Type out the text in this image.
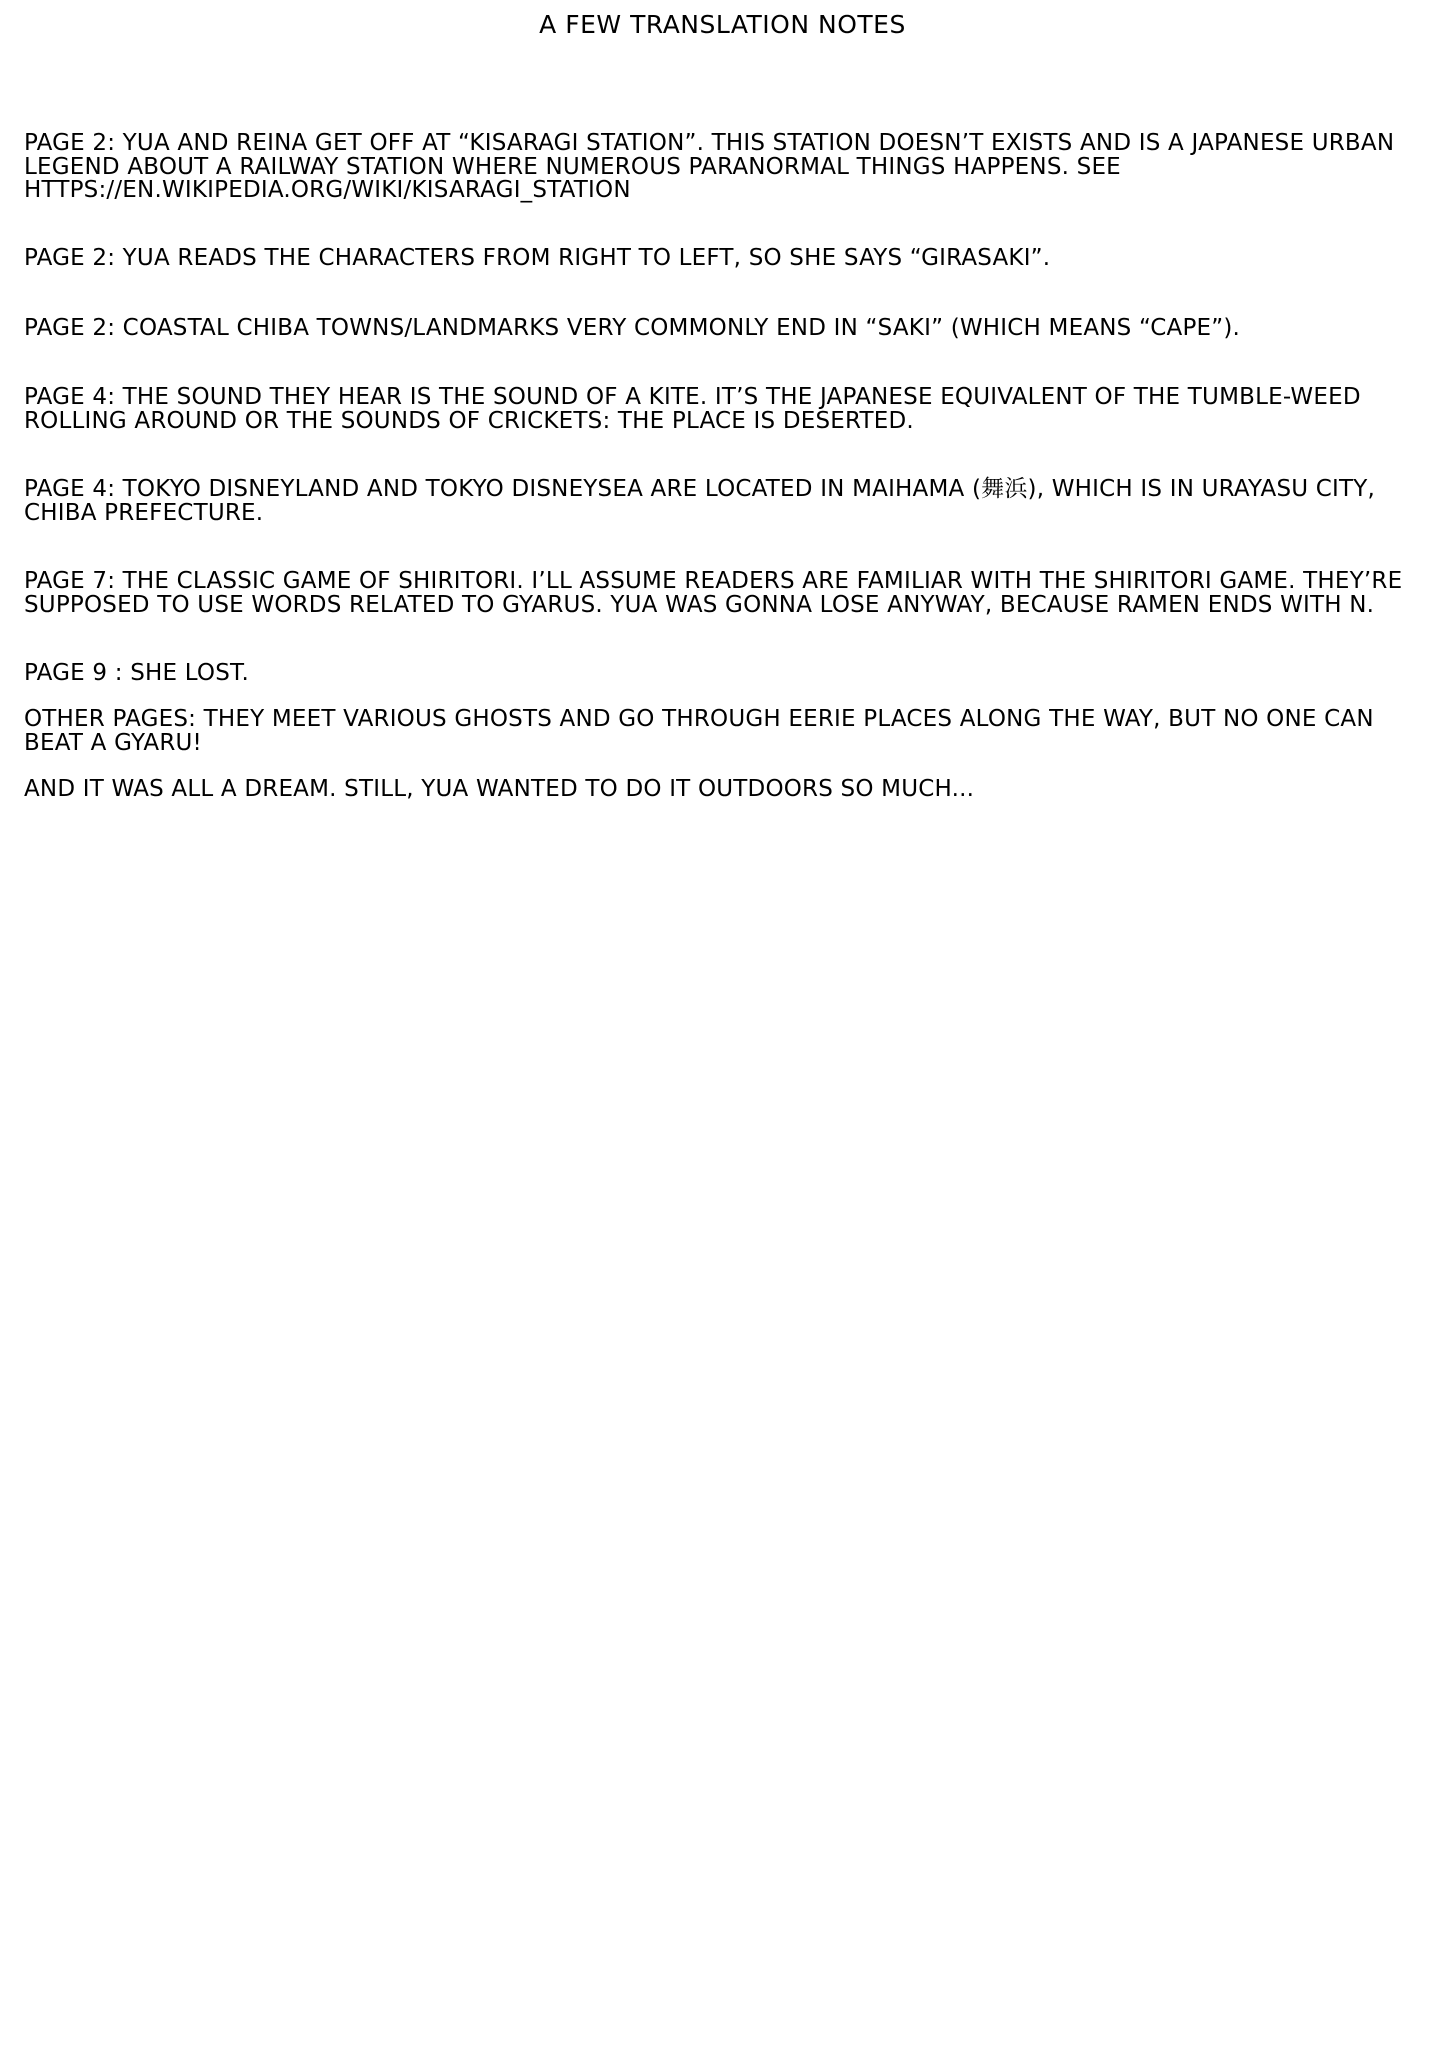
A FEW TRANSLATION NOTES
PAGE 2: YUA AND REINA GET OFF AT “KISARAGI STATION”. THIS STATION DOESN’T EXISTS AND IS A JAPANESE URBAN LEGEND ABOUT A RAILWAY STATION WHERE NUMEROUS PARANORMAL THINGS HAPPENS. SEE HTTPS://EN.WIKIPEDIA.ORG/WIKI/KISARAGI_STATION
PAGE 2: YUA READS THE CHARACTERS FROM RIGHT TO LEFT, SO SHE SAYS “GIRASAKI”.
PAGE 2: COASTAL CHIBA TOWNS/LANDMARKS VERY COMMONLY END IN “SAKI” (WHICH MEANS “CAPE”).
PAGE 4: THE SOUND THEY HEAR IS THE SOUND OF A KITE. IT’S THE JAPANESE EQUIVALENT OF THE TUMBLE-WEED ROLLING AROUND OR THE SOUNDS OF CRICKETS: THE PLACE IS DESERTED.
PAGE 4: TOKYO DISNEYLAND AND TOKYO DISNEYSEA ARE LOCATED IN MAIHAMA (舞浜), WHICH IS IN URAYASU CITY, CHIBA PREFECTURE.
PAGE 7: THE CLASSIC GAME OF SHIRITORI. I’LL ASSUME READERS ARE FAMILIAR WITH THE SHIRITORI GAME. THEY’RE SUPPOSED TO USE WORDS RELATED TO GYARUS. YUA WAS GONNA LOSE ANYWAY, BECAUSE RAMEN ENDS WITH N.
PAGE 9 : SHE LOST.
OTHER PAGES: THEY MEET VARIOUS GHOSTS AND GO THROUGH EERIE PLACES ALONG THE WAY, BUT NO ONE CAN BEAT A GYARU!
AND IT WAS ALL A DREAM. STILL, YUA WANTED TO DO IT OUTDOORS SO MUCH...
